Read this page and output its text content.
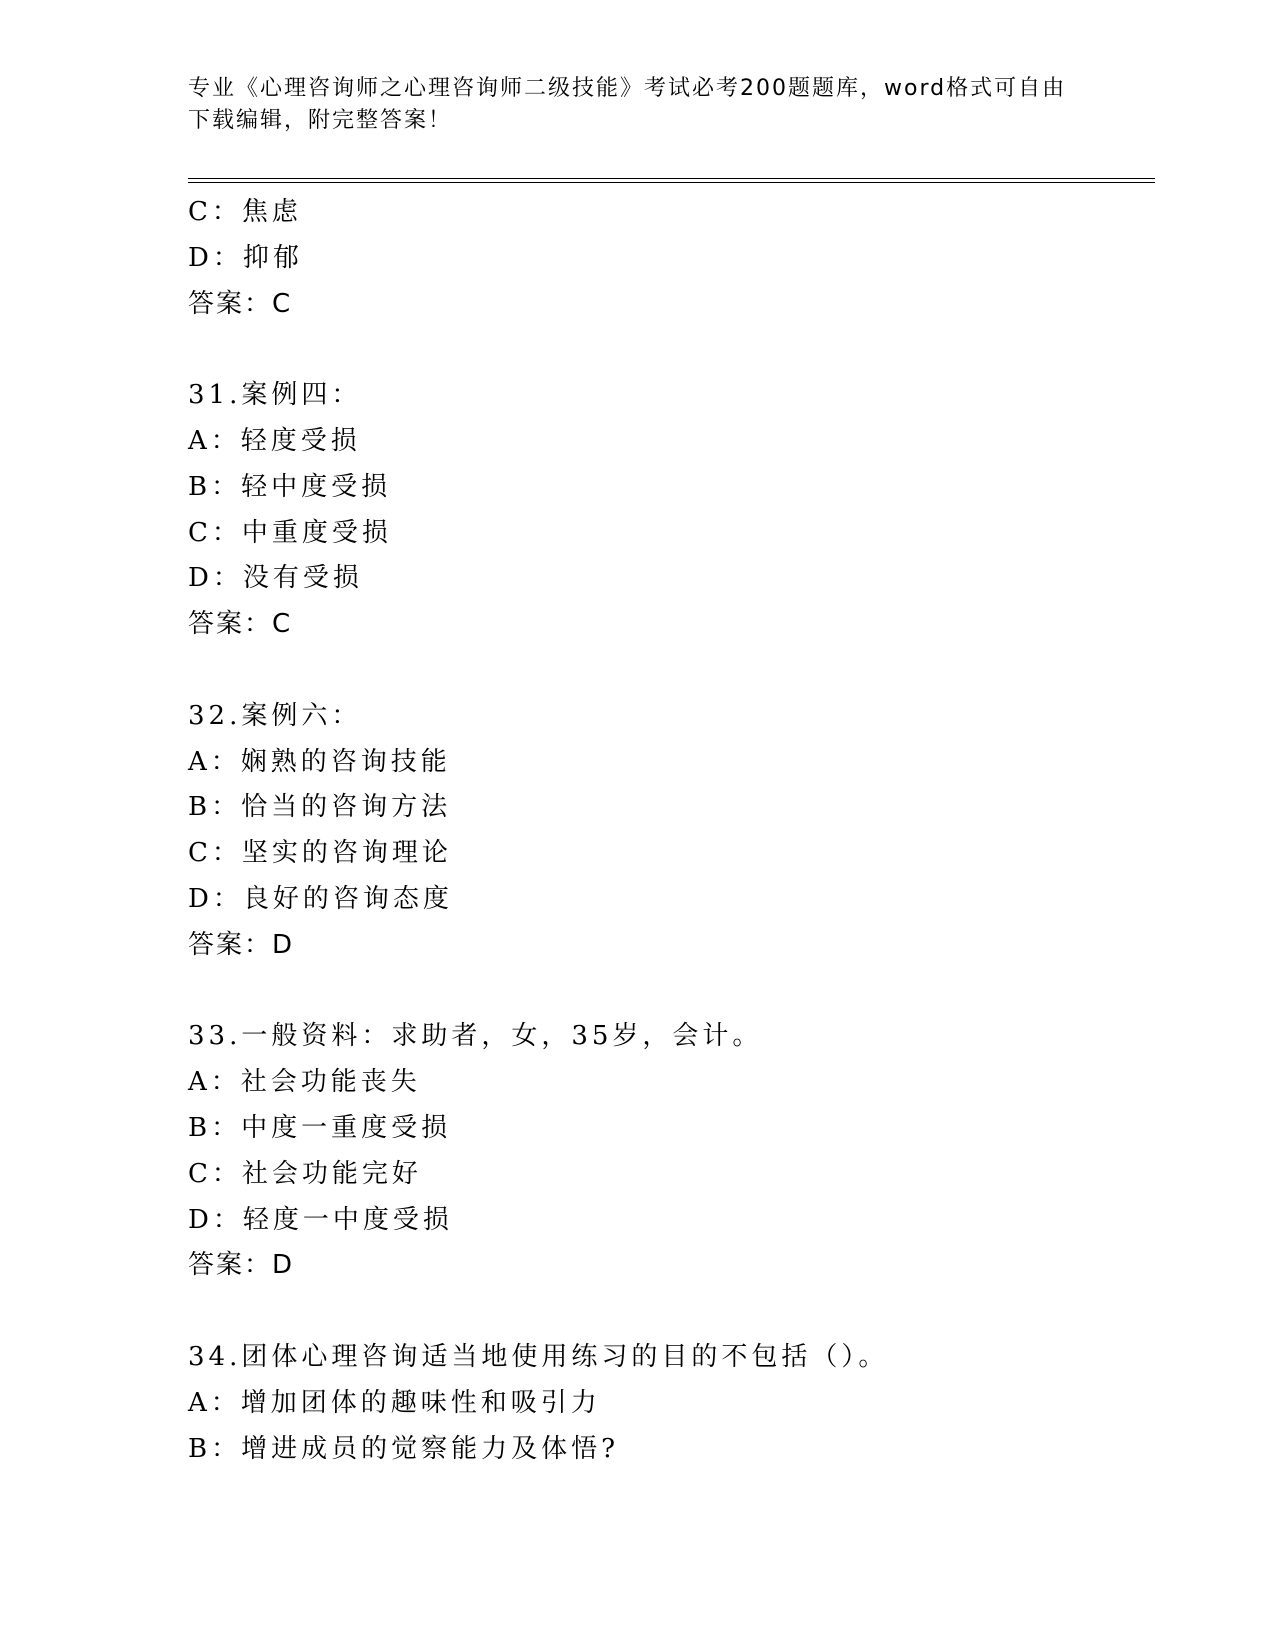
专业《心理咨询师之心理咨询师二级技能》考试必考200题题库，word格式可自由下载编辑，附完整答案！
C：焦虑
D：抑郁
答案：C
31.案例四：
A：轻度受损
B：轻中度受损
C：中重度受损
D：没有受损
答案：C
32.案例六：
A：娴熟的咨询技能
B：恰当的咨询方法
C：坚实的咨询理论
D：良好的咨询态度
答案：D
33.一般资料：求助者，女，35岁，会计。
A：社会功能丧失
B：中度一重度受损
C：社会功能完好
D：轻度一中度受损
答案：D
34.团体心理咨询适当地使用练习的目的不包括（）。
A：增加团体的趣味性和吸引力
B：增进成员的觉察能力及体悟?
